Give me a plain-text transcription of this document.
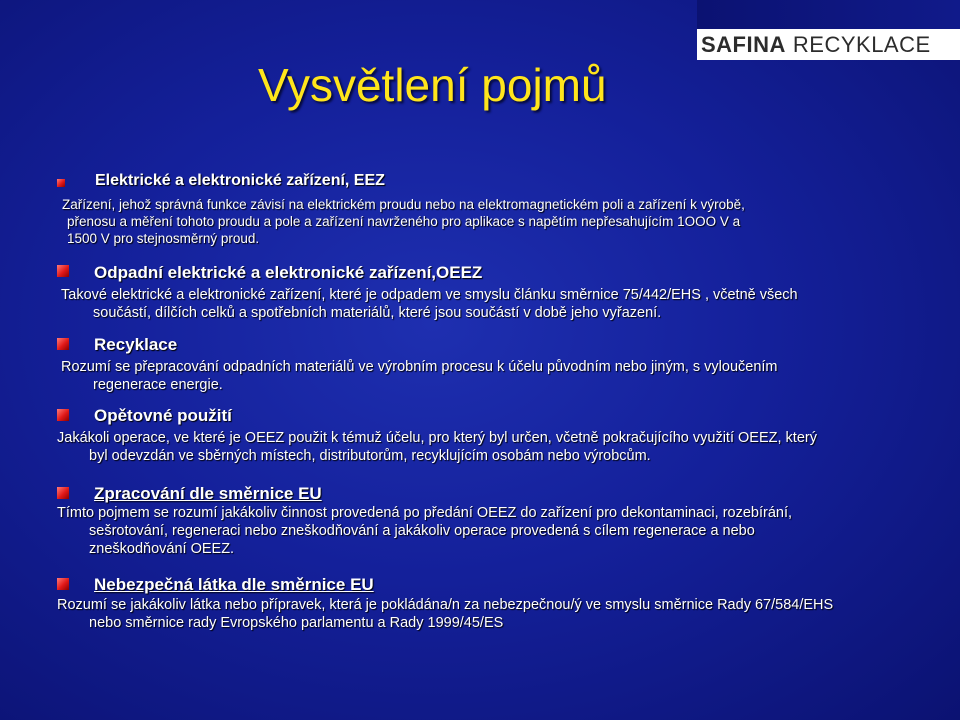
SAFINA RECYKLACE
Vysvětlení pojmů
Elektrické a elektronické zařízení, EEZ
Zařízení, jehož správná funkce závisí na elektrickém proudu nebo na elektromagnetickém poli a zařízení k výrobě,
přenosu a měření tohoto proudu a pole a zařízení navrženého pro aplikace s napětím nepřesahujícím 1OOO V a
1500 V pro stejnosměrný proud.
Odpadní elektrické a elektronické zařízení,OEEZ
Takové elektrické a elektronické zařízení, které je odpadem ve smyslu článku směrnice 75/442/EHS , včetně všech
součástí, dílčích celků a spotřebních materiálů, které jsou součástí v době jeho vyřazení.
Recyklace
Rozumí se přepracování odpadních materiálů ve výrobním procesu k účelu původním nebo jiným, s vyloučením
regenerace energie.
Opětovné použití
Jakákoli operace, ve které je OEEZ použit k témuž účelu, pro který byl určen, včetně pokračujícího využití OEEZ, který
byl odevzdán ve sběrných místech, distributorům, recyklujícím osobám nebo výrobcům.
Zpracování dle směrnice EU
Tímto pojmem se rozumí jakákoliv činnost provedená po předání OEEZ do zařízení pro dekontaminaci, rozebírání,
sešrotování, regeneraci nebo zneškodňování a jakákoliv operace provedená s cílem regenerace a nebo
zneškodňování OEEZ.
Nebezpečná látka dle směrnice EU
Rozumí se jakákoliv látka nebo přípravek, která je pokládána/n za nebezpečnou/ý ve smyslu směrnice Rady 67/584/EHS
nebo směrnice rady Evropského parlamentu a Rady 1999/45/ES
